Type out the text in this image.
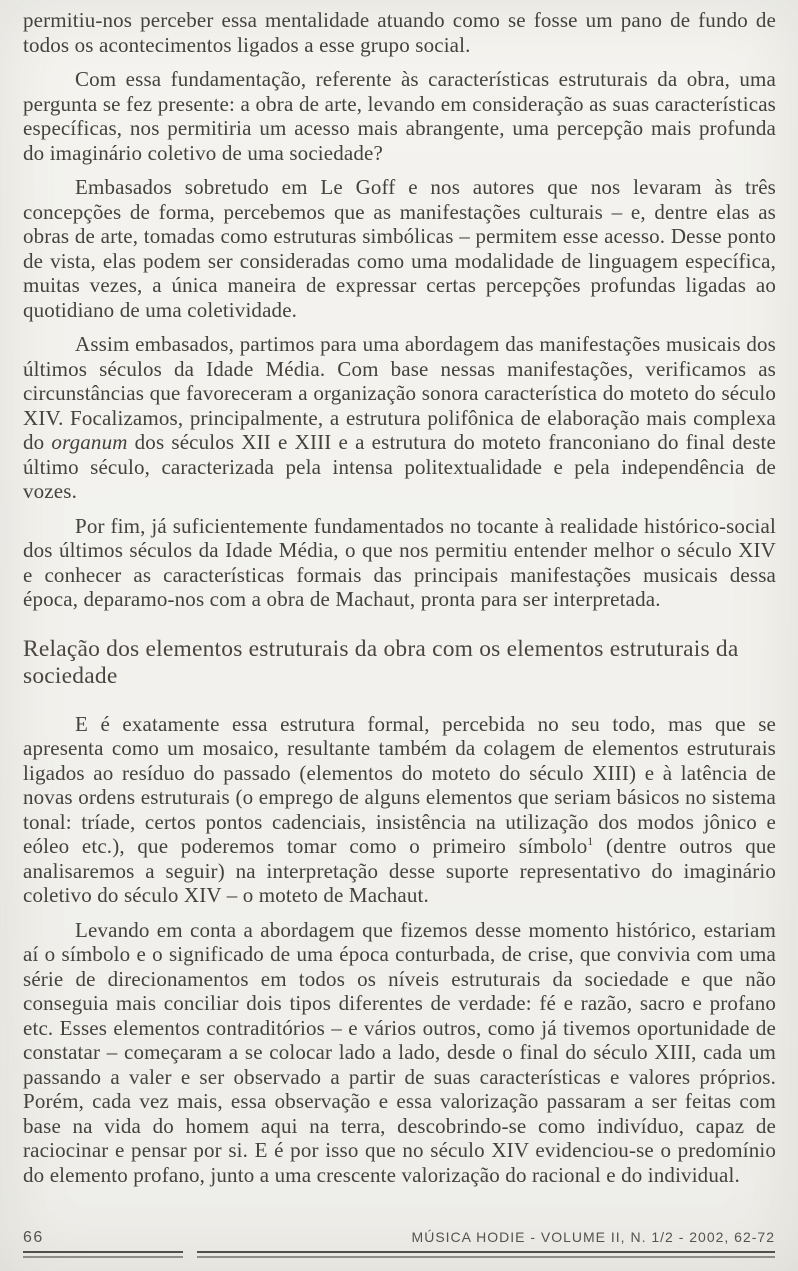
permitiu-nos perceber essa mentalidade atuando como se fosse um pano de fundo de todos os acontecimentos ligados a esse grupo social.

Com essa fundamentação, referente às características estruturais da obra, uma pergunta se fez presente: a obra de arte, levando em consideração as suas características específicas, nos permitiria um acesso mais abrangente, uma percepção mais profunda do imaginário coletivo de uma sociedade?

Embasados sobretudo em Le Goff e nos autores que nos levaram às três concepções de forma, percebemos que as manifestações culturais – e, dentre elas as obras de arte, tomadas como estruturas simbólicas – permitem esse acesso. Desse ponto de vista, elas podem ser consideradas como uma modalidade de linguagem específica, muitas vezes, a única maneira de expressar certas percepções profundas ligadas ao quotidiano de uma coletividade.

Assim embasados, partimos para uma abordagem das manifestações musicais dos últimos séculos da Idade Média. Com base nessas manifestações, verificamos as circunstâncias que favoreceram a organização sonora característica do moteto do século XIV. Focalizamos, principalmente, a estrutura polifônica de elaboração mais complexa do organum dos séculos XII e XIII e a estrutura do moteto franconiano do final deste último século, caracterizada pela intensa politextualidade e pela independência de vozes.

Por fim, já suficientemente fundamentados no tocante à realidade histórico-social dos últimos séculos da Idade Média, o que nos permitiu entender melhor o século XIV e conhecer as características formais das principais manifestações musicais dessa época, deparamo-nos com a obra de Machaut, pronta para ser interpretada.

Relação dos elementos estruturais da obra com os elementos estruturais da sociedade

E é exatamente essa estrutura formal, percebida no seu todo, mas que se apresenta como um mosaico, resultante também da colagem de elementos estruturais ligados ao resíduo do passado (elementos do moteto do século XIII) e à latência de novas ordens estruturais (o emprego de alguns elementos que seriam básicos no sistema tonal: tríade, certos pontos cadenciais, insistência na utilização dos modos jônico e eóleo etc.), que poderemos tomar como o primeiro símbolo$^1$ (dentre outros que analisaremos a seguir) na interpretação desse suporte representativo do imaginário coletivo do século XIV – o moteto de Machaut.

Levando em conta a abordagem que fizemos desse momento histórico, estariam aí o símbolo e o significado de uma época conturbada, de crise, que convivia com uma série de direcionamentos em todos os níveis estruturais da sociedade e que não conseguia mais conciliar dois tipos diferentes de verdade: fé e razão, sacro e profano etc. Esses elementos contraditórios – e vários outros, como já tivemos oportunidade de constatar – começaram a se colocar lado a lado, desde o final do século XIII, cada um passando a valer e ser observado a partir de suas características e valores próprios. Porém, cada vez mais, essa observação e essa valorização passaram a ser feitas com base na vida do homem aqui na terra, descobrindo-se como indivíduo, capaz de raciocinar e pensar por si. E é por isso que no século XIV evidenciou-se o predomínio do elemento profano, junto a uma crescente valorização do racional e do individual.

66	MÚSICA HODIE - VOLUME II, N. 1/2 - 2002, 62-72
